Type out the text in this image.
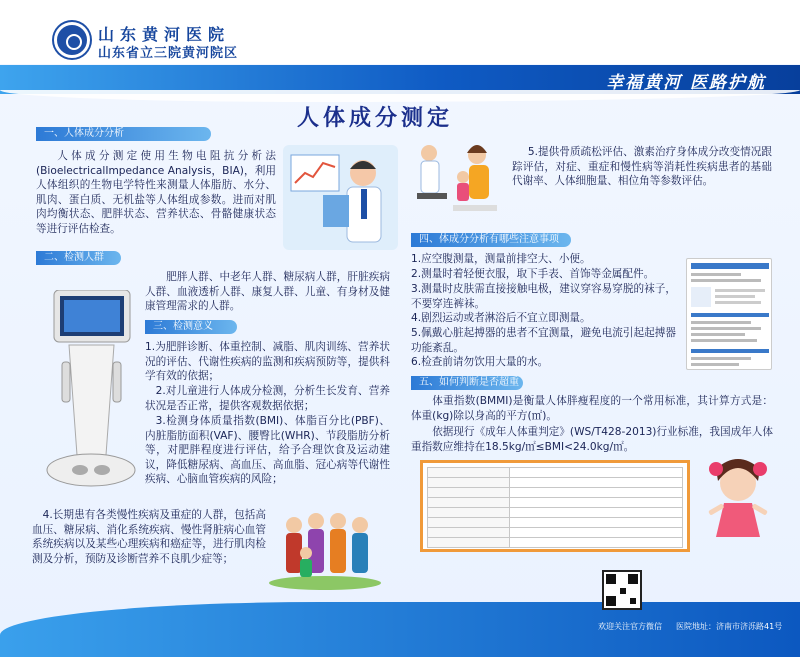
山东黄河医院
山东省立三院黄河院区
幸福黄河 医路护航
人体成分测定
一、人体成分分析
人体成分测定使用生物电阻抗分析法(BioelectricalImpedance Analysis，BIA)，利用人体组织的生物电学特性来测量人体脂肪、水分、肌肉、蛋白质、无机盐等人体组成参数。进而对肌肉均衡状态、肥胖状态、营养状态、骨骼健康状态等进行评估检查。
二、检测人群
肥胖人群、中老年人群、糖尿病人群，肝脏疾病人群、血液透析人群、康复人群、儿童、有身材及健康管理需求的人群。
三、检测意义
1.为肥胖诊断、体重控制、减脂、肌肉训练、营养状况的评估、代谢性疾病的监测和疾病预防等，提供科学有效的依据；
2.对儿童进行人体成分检测，分析生长发育、营养状况是否正常，提供客观数据依据；
3.检测身体质量指数(BMI)、体脂百分比(PBF)、内脏脂肪面积(VAF)、腰臀比(WHR)、节段脂肪分析等，对肥胖程度进行评估，给予合理饮食及运动建议，降低糖尿病、高血压、高血脂、冠心病等代谢性疾病、心脑血管疾病的风险；
4.长期患有各类慢性疾病及重症的人群，包括高血压、糖尿病、消化系统疾病、慢性肾脏病心血管系统疾病以及某些心理疾病和癌症等，进行肌肉检测及分析，预防及诊断营养不良肌少症等；
5.提供骨质疏松评估、激素治疗身体成分改变情况跟踪评估，对症、重症和慢性病等消耗性疾病患者的基础代谢率、人体细胞量、相位角等参数评估。
四、体成分分析有哪些注意事项
1.应空腹测量，测量前排空大、小便。
2.测量时着轻便衣服，取下手表、首饰等金属配件。
3.测量时皮肤需直接接触电极，建议穿容易穿脱的袜子，不要穿连裤袜。
4.剧烈运动或者淋浴后不宜立即测量。
5.佩戴心脏起搏器的患者不宜测量，避免电流引起起搏器功能紊乱。
6.检查前请勿饮用大量的水。
五、如何判断是否超重
体重指数(BMMI)是衡量人体胖瘦程度的一个常用标准，其计算方式是：体重(kg)除以身高的平方(㎡)。
依据现行《成年人体重判定》(WS/T428-2013)行业标准，我国成年人体重指数应维持在18.5kg/㎡≤BMI<24.0kg/㎡。

欢迎关注官方微信 医院地址：济南市济泺路41号
